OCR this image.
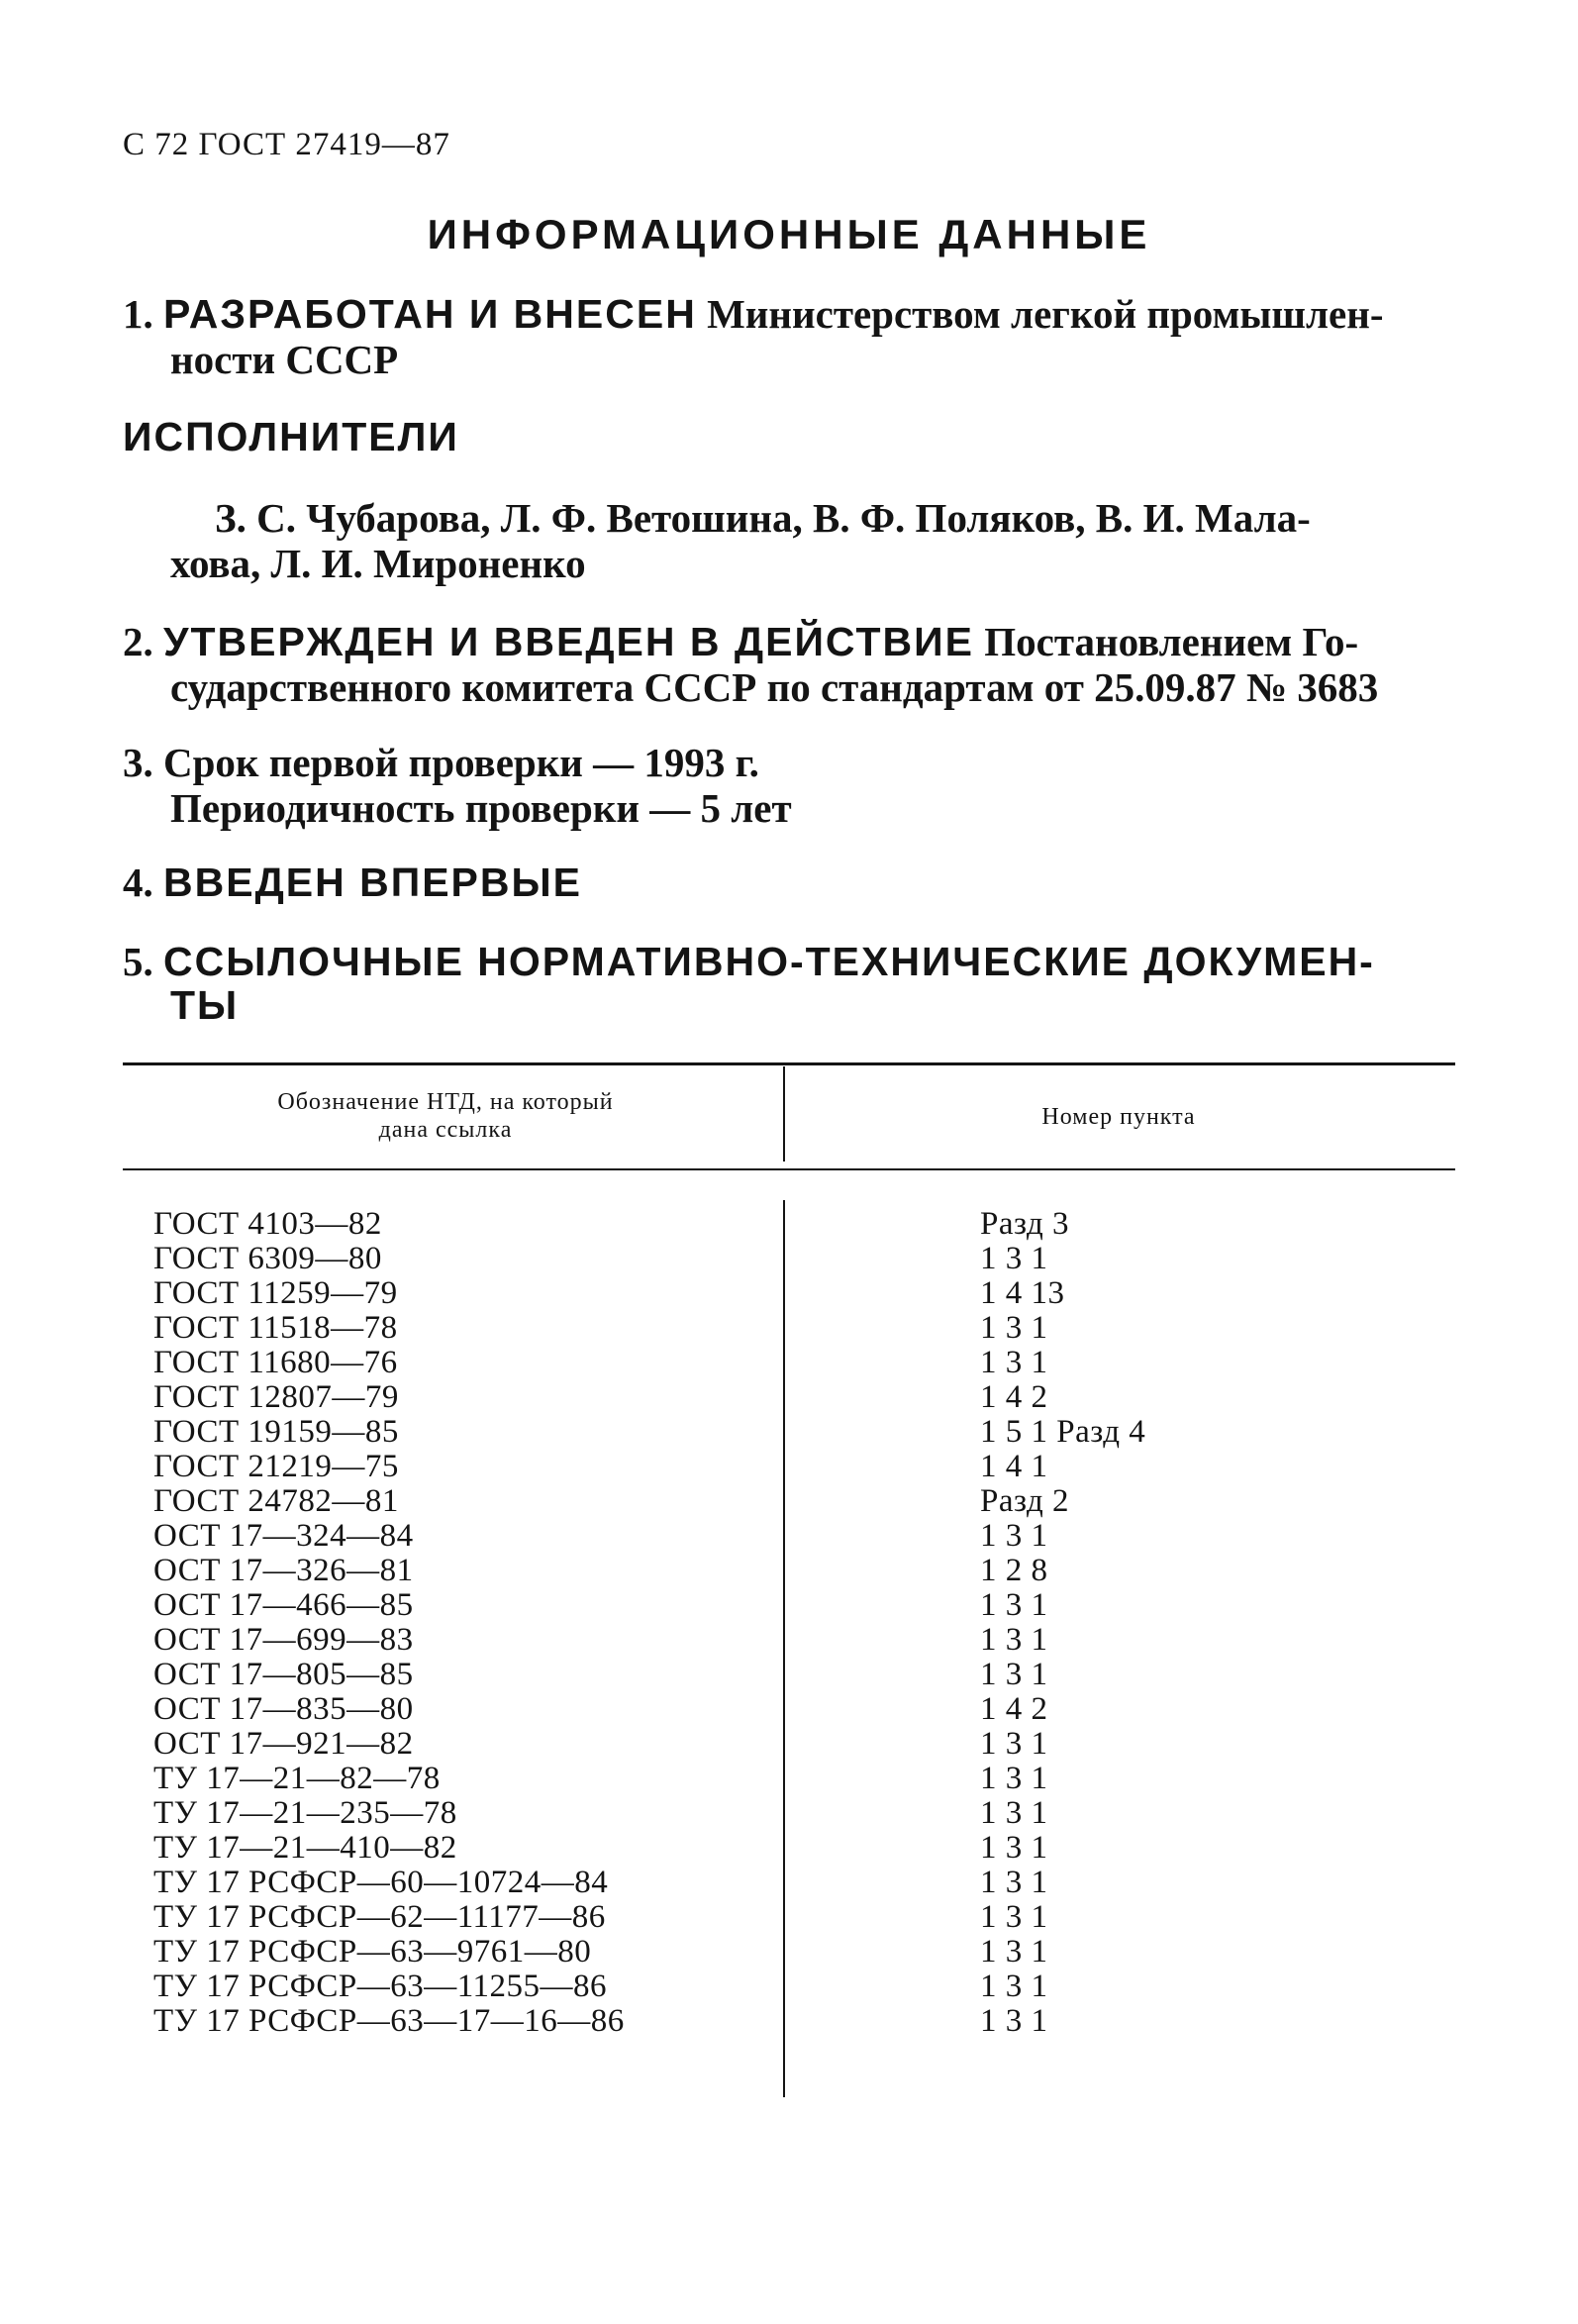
С 72 ГОСТ 27419—87
ИНФОРМАЦИОННЫЕ ДАННЫЕ
1. РАЗРАБОТАН И ВНЕСЕН Министерством легкой промышлен-
ности СССР
ИСПОЛНИТЕЛИ
З. С. Чубарова, Л. Ф. Ветошина, В. Ф. Поляков, В. И. Мала-
хова, Л. И. Мироненко
2. УТВЕРЖДЕН И ВВЕДЕН В ДЕЙСТВИЕ Постановлением Го-
сударственного комитета СССР по стандартам от 25.09.87 № 3683
3. Срок первой проверки — 1993 г.
Периодичность проверки — 5 лет
4. ВВЕДЕН ВПЕРВЫЕ
5. ССЫЛОЧНЫЕ НОРМАТИВНО-ТЕХНИЧЕСКИЕ ДОКУМЕН-
ТЫ
Обозначение НТД, на который
дана ссылка	Номер пункта
ГОСТ 4103—82	Разд 3
ГОСТ 6309—80	1 3 1
ГОСТ 11259—79	1 4 13
ГОСТ 11518—78	1 3 1
ГОСТ 11680—76	1 3 1
ГОСТ 12807—79	1 4 2
ГОСТ 19159—85	1 5 1 Разд 4
ГОСТ 21219—75	1 4 1
ГОСТ 24782—81	Разд 2
ОСТ 17—324—84	1 3 1
ОСТ 17—326—81	1 2 8
ОСТ 17—466—85	1 3 1
ОСТ 17—699—83	1 3 1
ОСТ 17—805—85	1 3 1
ОСТ 17—835—80	1 4 2
ОСТ 17—921—82	1 3 1
ТУ 17—21—82—78	1 3 1
ТУ 17—21—235—78	1 3 1
ТУ 17—21—410—82	1 3 1
ТУ 17 РСФСР—60—10724—84	1 3 1
ТУ 17 РСФСР—62—11177—86	1 3 1
ТУ 17 РСФСР—63—9761—80	1 3 1
ТУ 17 РСФСР—63—11255—86	1 3 1
ТУ 17 РСФСР—63—17—16—86	1 3 1
